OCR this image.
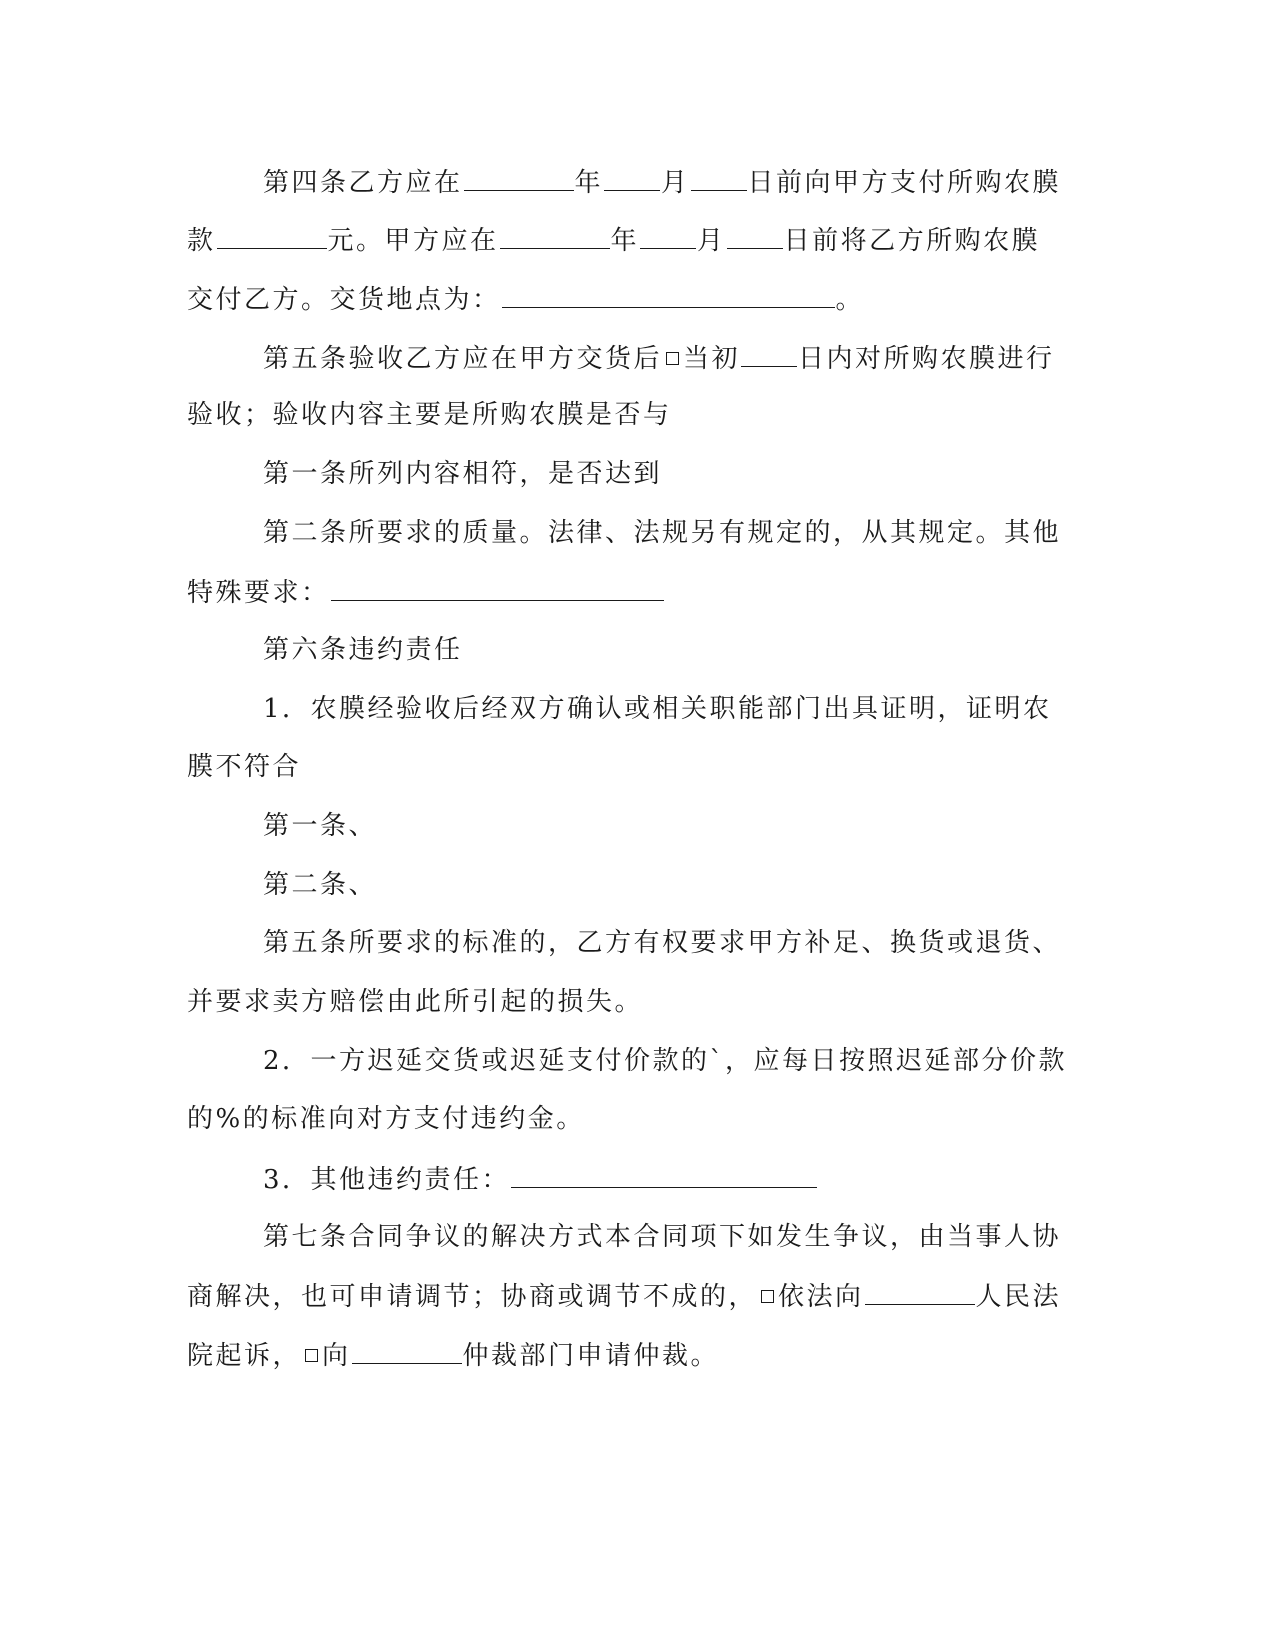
第四条乙方应在	年 月 日前向甲方支付所购农膜
款	元。甲方应在	年 月 日前将乙方所购农膜
交付乙方。交货地点为：	。
第五条验收乙方应在甲方交货后 当初 日内对所购农膜进行
验收；验收内容主要是所购农膜是否与
第一条所列内容相符，是否达到
第二条所要求的质量。法律、法规另有规定的，从其规定。其他
特殊要求：
第六条违约责任
1．农膜经验收后经双方确认或相关职能部门出具证明，证明农
膜不符合
第一条、
第二条、
第五条所要求的标准的，乙方有权要求甲方补足、换货或退货、
并要求卖方赔偿由此所引起的损失。
2．一方迟延交货或迟延支付价款的`，应每日按照迟延部分价款
的%的标准向对方支付违约金。
3．其他违约责任：
第七条合同争议的解决方式本合同项下如发生争议，由当事人协
商解决，也可申请调节；协商或调节不成的， 依法向	人民法
院起诉， 向	仲裁部门申请仲裁。
